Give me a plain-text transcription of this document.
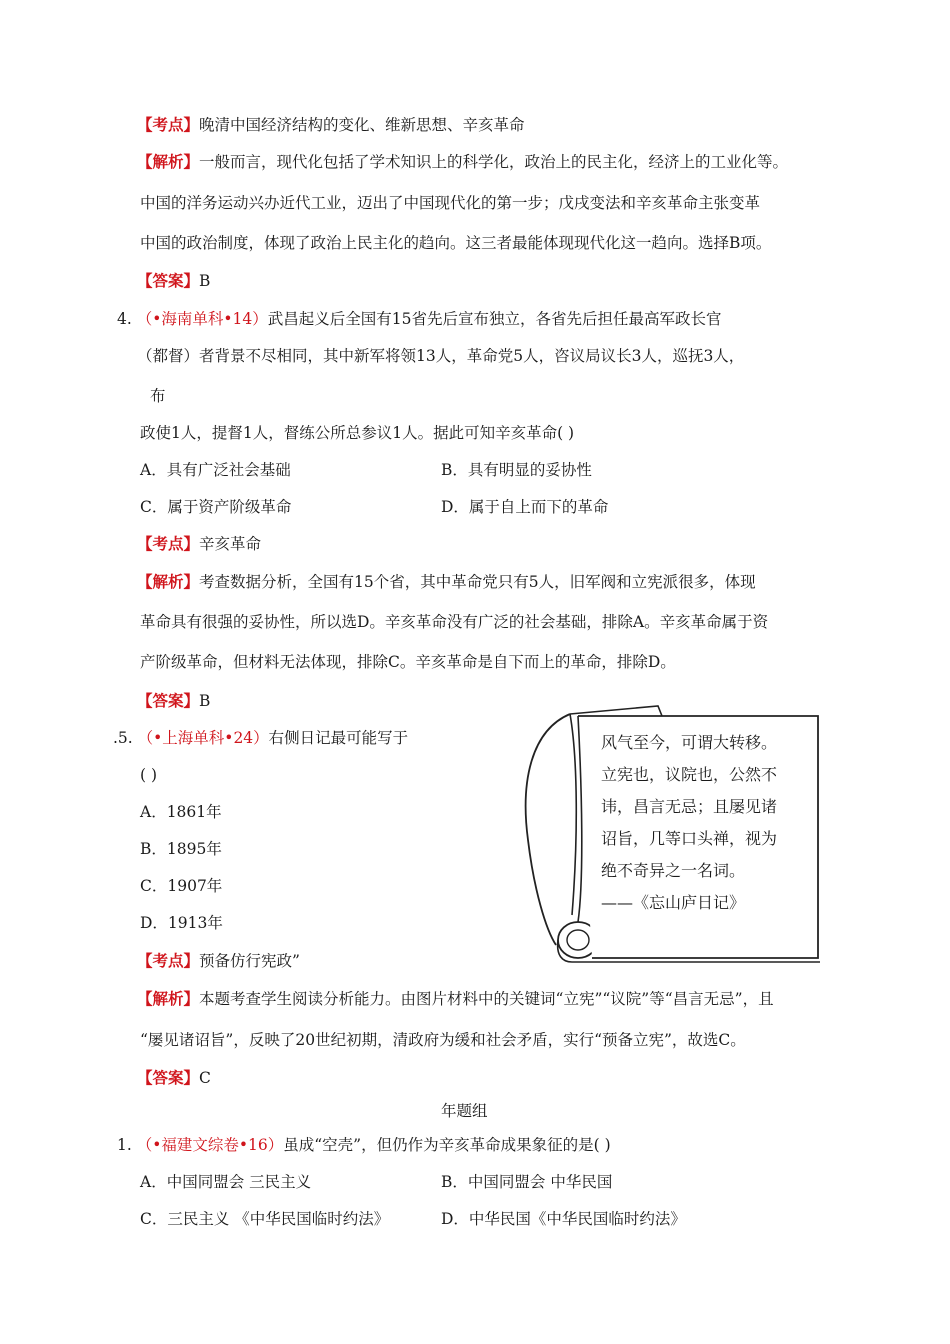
【考点】晚清中国经济结构的变化、维新思想、辛亥革命
【解析】一般而言，现代化包括了学术知识上的科学化，政治上的民主化，经济上的工业化等。
中国的洋务运动兴办近代工业，迈出了中国现代化的第一步；戊戌变法和辛亥革命主张变革
中国的政治制度，体现了政治上民主化的趋向。这三者最能体现现代化这一趋向。选择B项。
【答案】B
4. （•海南单科•14）武昌起义后全国有15省先后宣布独立，各省先后担任最高军政长官
（都督）者背景不尽相同，其中新军将领13人，革命党5人，咨议局议长3人，巡抚3人，
布
政使1人，提督1人，督练公所总参议1人。据此可知辛亥革命( )
A．具有广泛社会基础	B．具有明显的妥协性
C．属于资产阶级革命	D．属于自上而下的革命
【考点】辛亥革命
【解析】考查数据分析，全国有15个省，其中革命党只有5人，旧军阀和立宪派很多，体现
革命具有很强的妥协性，所以选D。辛亥革命没有广泛的社会基础，排除A。辛亥革命属于资
产阶级革命，但材料无法体现，排除C。辛亥革命是自下而上的革命，排除D。
【答案】B
.5. （•上海单科•24）右侧日记最可能写于
( )
A．1861年
B．1895年
C．1907年
D．1913年
风气至今，可谓大转移。
立宪也，议院也，公然不
讳，昌言无忌；且屡见诸
诏旨，几等口头禅，视为
绝不奇异之一名词。
——《忘山庐日记》
【考点】预备仿行宪政”
【解析】本题考查学生阅读分析能力。由图片材料中的关键词“立宪”“议院”等“昌言无忌”，且
“屡见诸诏旨”，反映了20世纪初期，清政府为缓和社会矛盾，实行“预备立宪”，故选C。
【答案】C
年题组
1. （•福建文综卷•16）虽成“空壳”，但仍作为辛亥革命成果象征的是( )
A．中国同盟会 三民主义	B．中国同盟会 中华民国
C．三民主义 《中华民国临时约法》	D．中华民国《中华民国临时约法》
